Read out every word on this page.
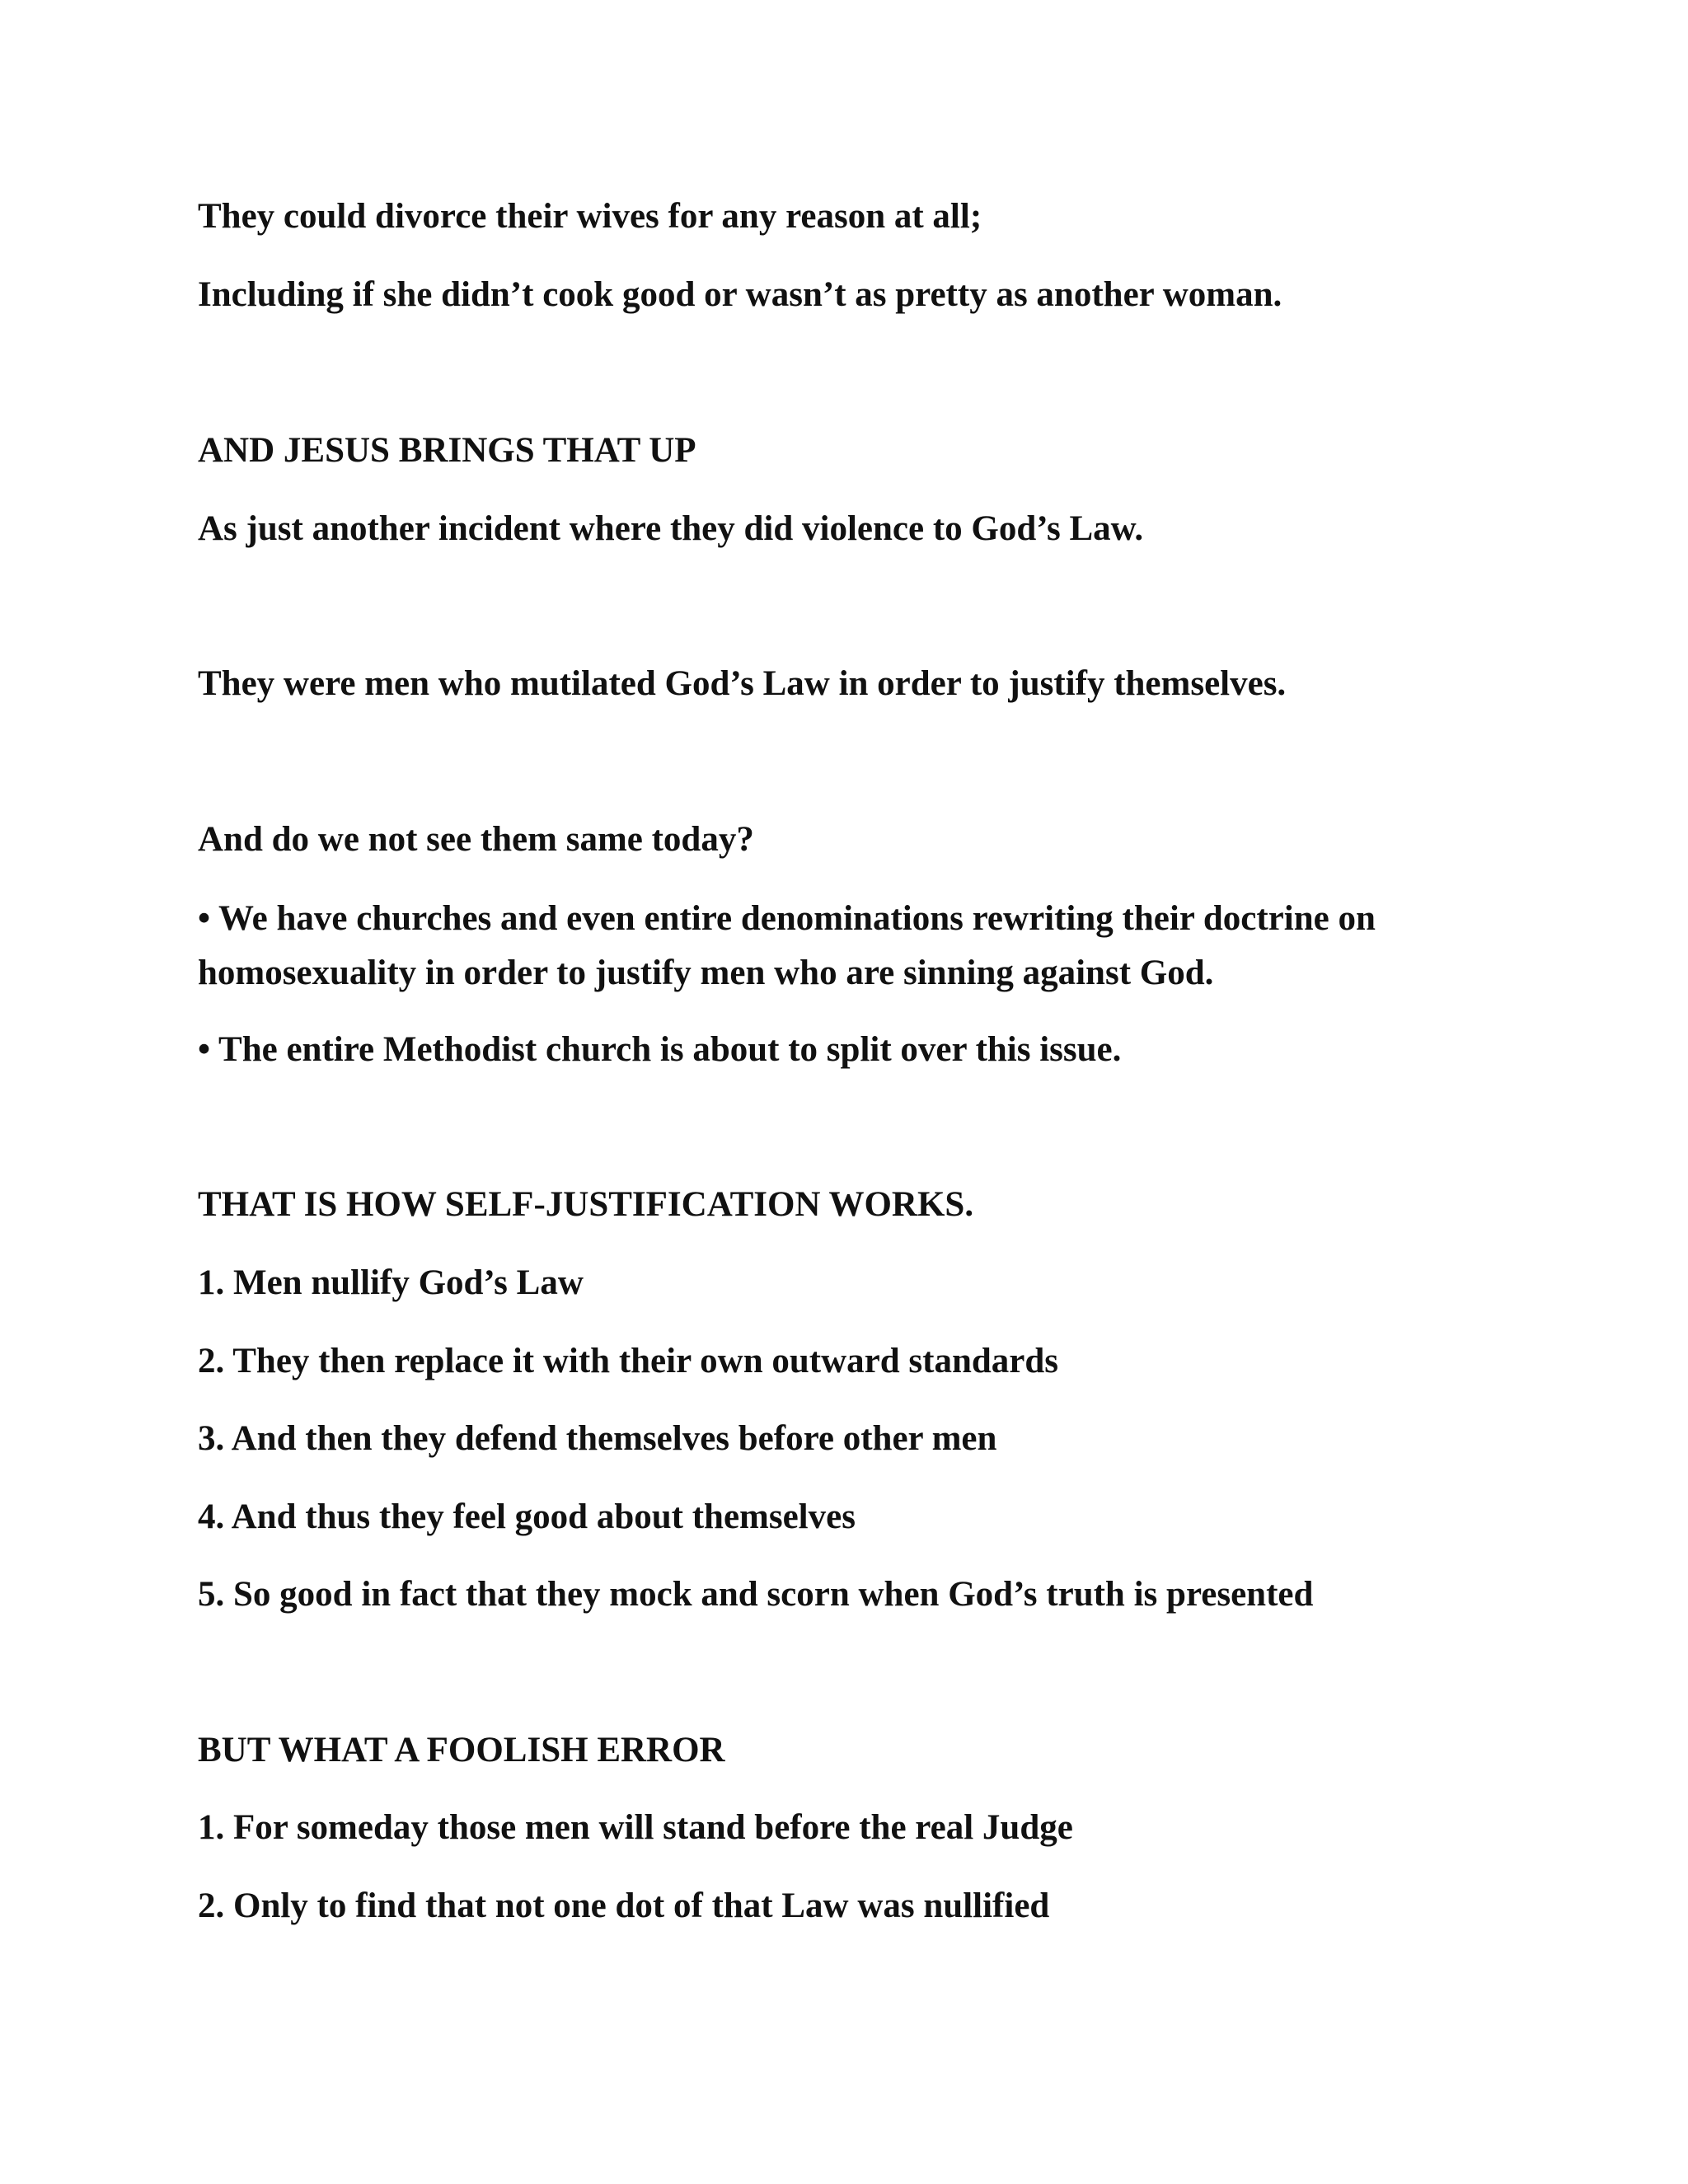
They could divorce their wives for any reason at all;

Including if she didn’t cook good or wasn’t as pretty as another woman.

AND JESUS BRINGS THAT UP

As just another incident where they did violence to God’s Law.

They were men who mutilated God’s Law in order to justify themselves.

And do we not see them same today?

• We have churches and even entire denominations rewriting their doctrine on homosexuality in order to justify men who are sinning against God.

• The entire Methodist church is about to split over this issue.

THAT IS HOW SELF-JUSTIFICATION WORKS.

1. Men nullify God’s Law

2. They then replace it with their own outward standards

3. And then they defend themselves before other men

4. And thus they feel good about themselves

5. So good in fact that they mock and scorn when God’s truth is presented

BUT WHAT A FOOLISH ERROR

1. For someday those men will stand before the real Judge

2. Only to find that not one dot of that Law was nullified
